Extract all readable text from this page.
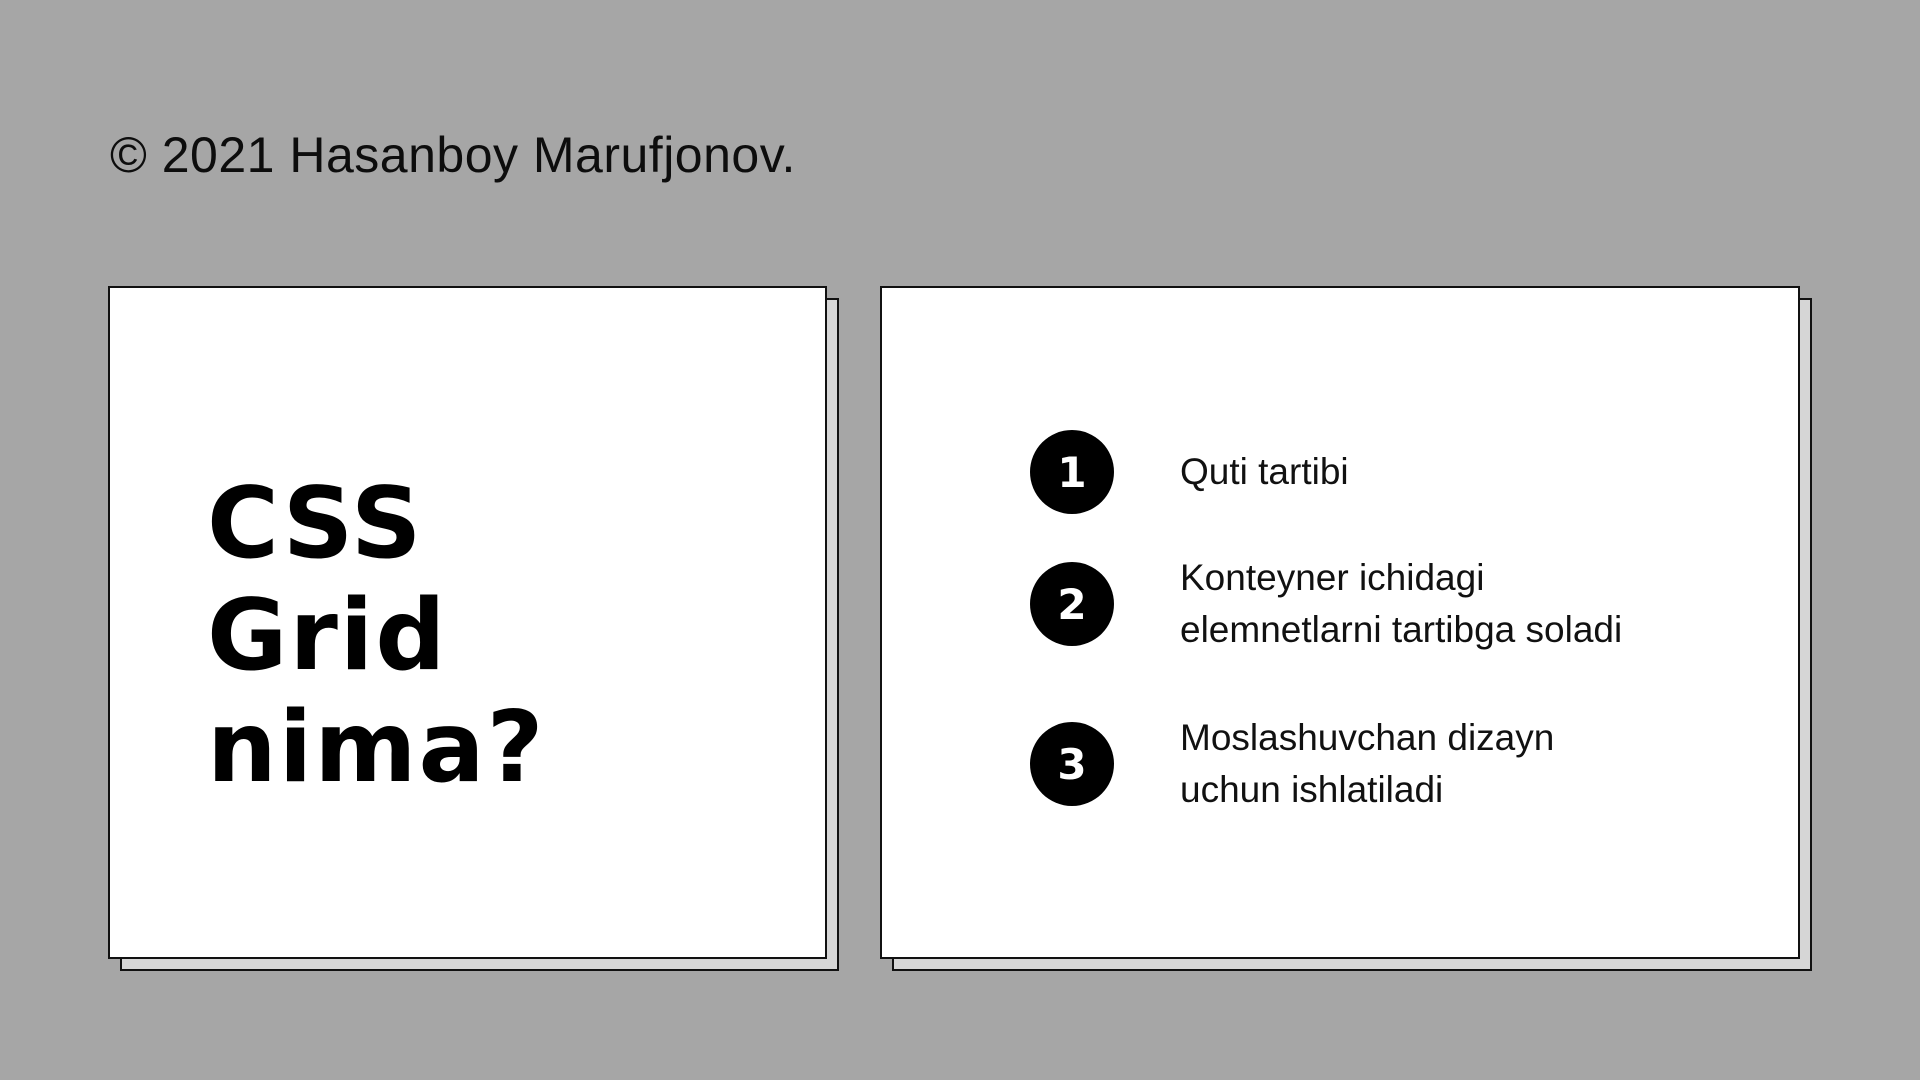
© 2021 Hasanboy Marufjonov.
CSS
Grid
nima?
1	Quti tartibi
2
Konteyner ichidagi elemnetlarni tartibga soladi
3
Moslashuvchan dizayn uchun ishlatiladi
